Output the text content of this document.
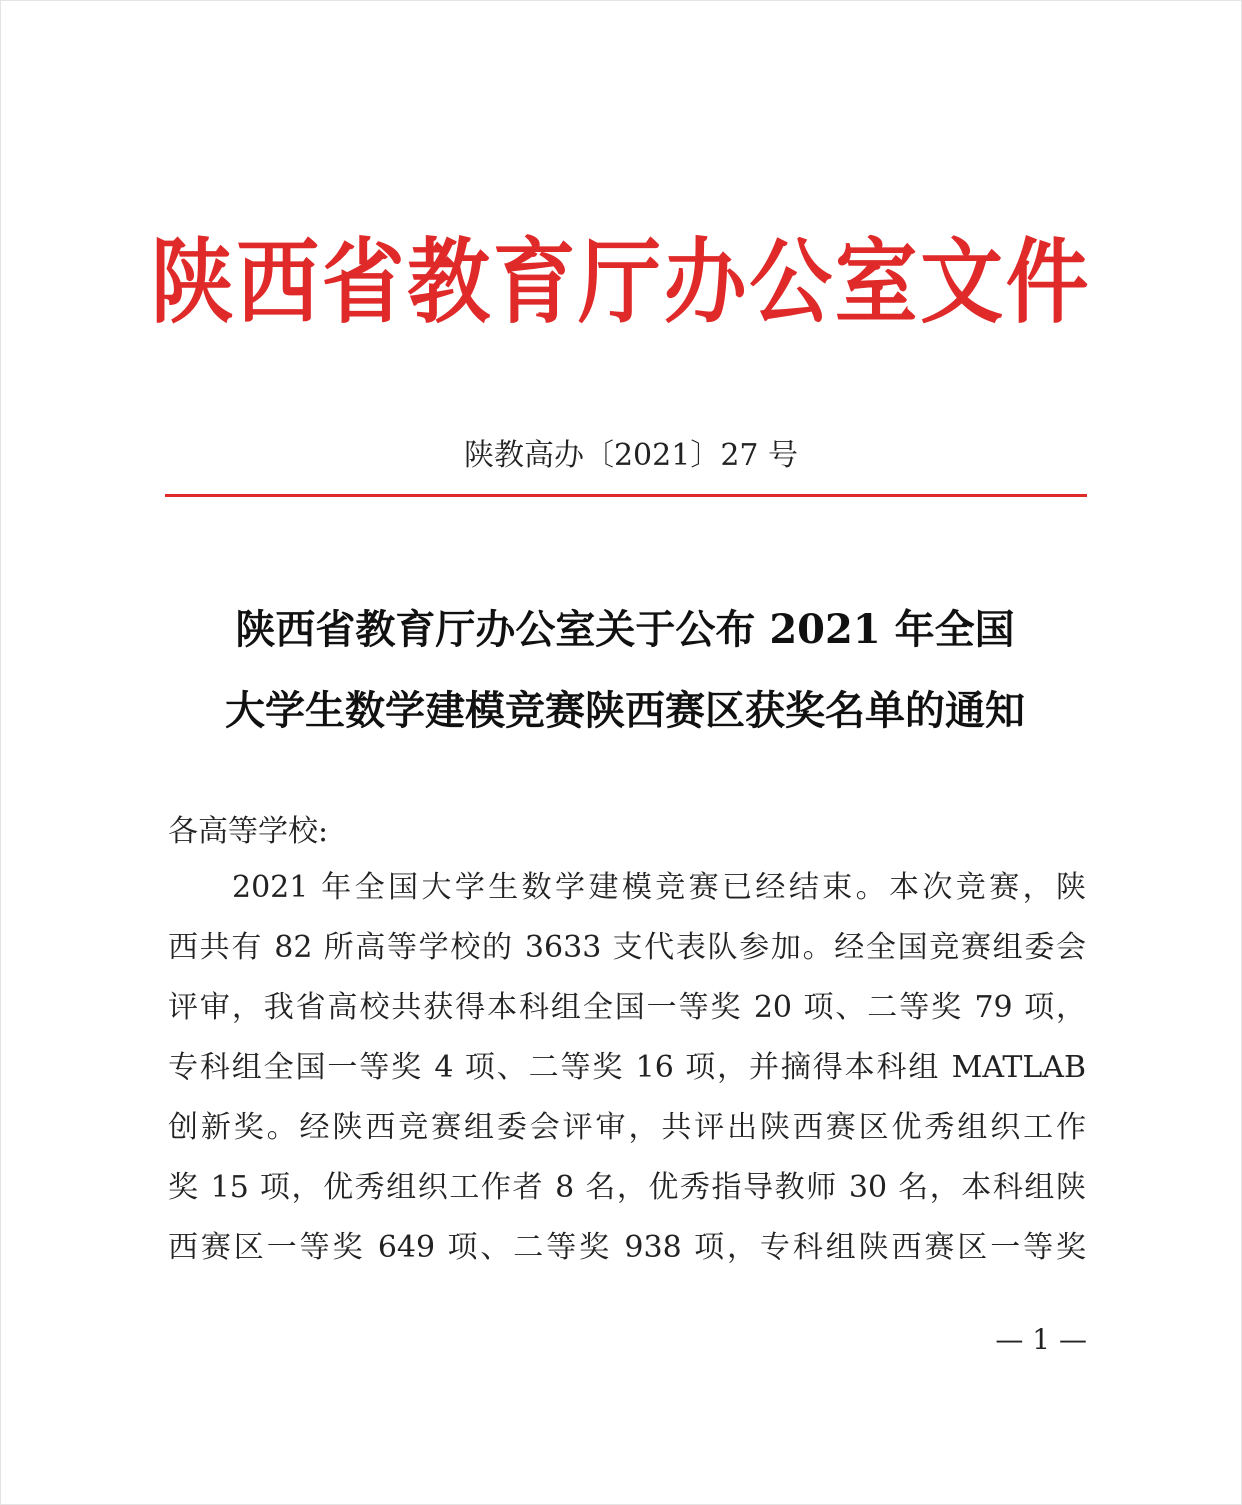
陕西省教育厅办公室文件
陕教高办〔2021〕27 号
陕西省教育厅办公室关于公布 2021 年全国
大学生数学建模竞赛陕西赛区获奖名单的通知
各高等学校:
2021 年全国大学生数学建模竞赛已经结束。本次竞赛，陕
西共有 82 所高等学校的 3633 支代表队参加。经全国竞赛组委会
评审，我省高校共获得本科组全国一等奖 20 项、二等奖 79 项，
专科组全国一等奖 4 项、二等奖 16 项，并摘得本科组 MATLAB
创新奖。经陕西竞赛组委会评审，共评出陕西赛区优秀组织工作
奖 15 项，优秀组织工作者 8 名，优秀指导教师 30 名，本科组陕
西赛区一等奖 649 项、二等奖 938 项，专科组陕西赛区一等奖
— 1 —
